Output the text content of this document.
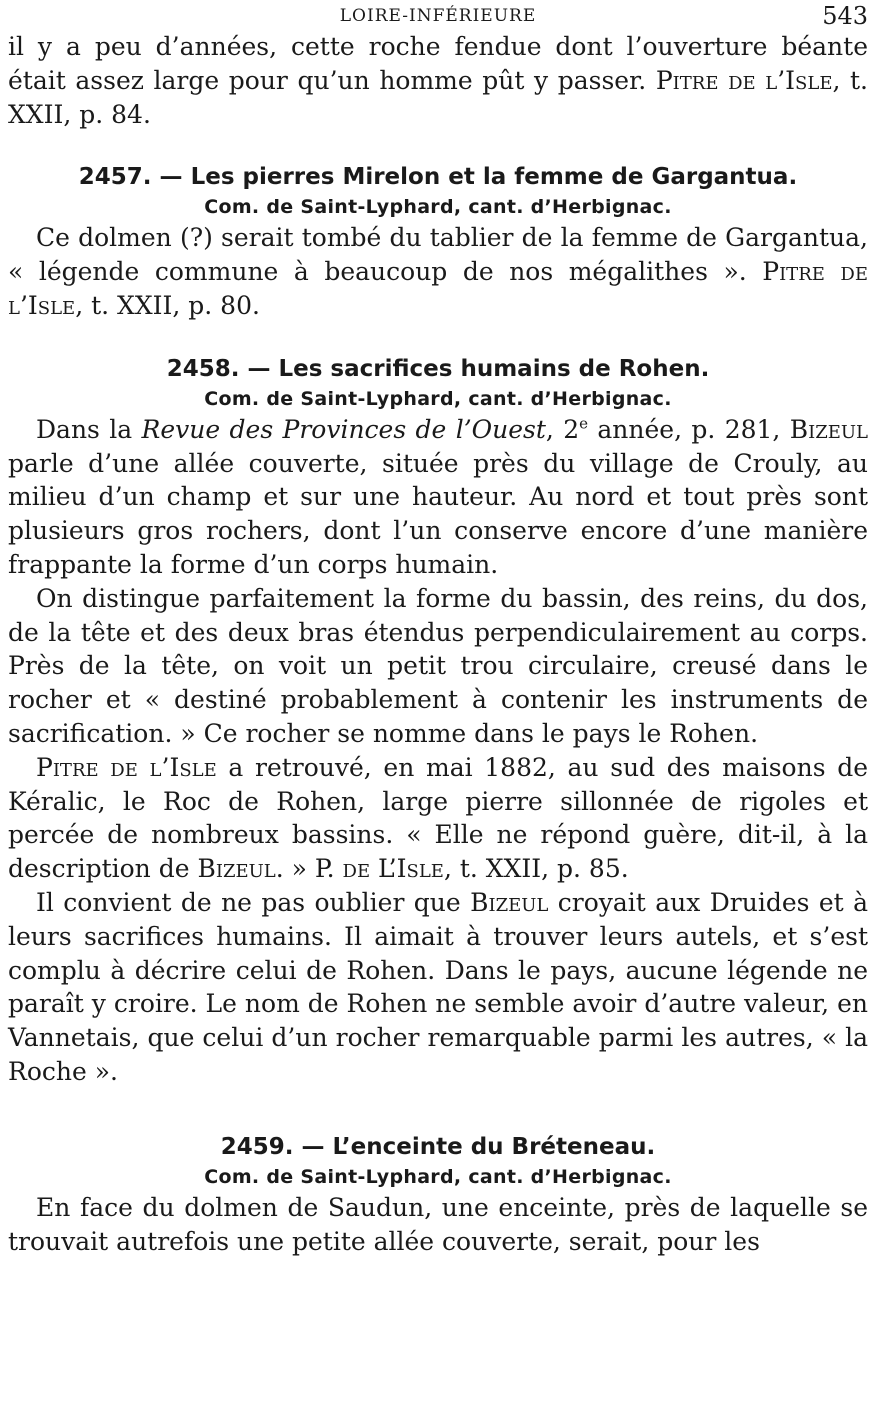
LOIRE-INFÉRIEURE	543

il y a peu d’années, cette roche fendue dont l’ouverture béante était assez large pour qu’un homme pût y passer. Pitre de l’Isle, t. XXII, p. 84.

2457. — Les pierres Mirelon et la femme de Gargantua.

Com. de Saint-Lyphard, cant. d’Herbignac.

Ce dolmen (?) serait tombé du tablier de la femme de Gargantua, « légende commune à beaucoup de nos mégalithes ». Pitre de l’Isle, t. XXII, p. 80.

2458. — Les sacrifices humains de Rohen.

Com. de Saint-Lyphard, cant. d’Herbignac.

Dans la Revue des Provinces de l’Ouest, 2e année, p. 281, Bizeul parle d’une allée couverte, située près du village de Crouly, au milieu d’un champ et sur une hauteur. Au nord et tout près sont plusieurs gros rochers, dont l’un conserve encore d’une manière frappante la forme d’un corps humain.

On distingue parfaitement la forme du bassin, des reins, du dos, de la tête et des deux bras étendus perpendiculairement au corps. Près de la tête, on voit un petit trou circulaire, creusé dans le rocher et « destiné probablement à contenir les instruments de sacrification. » Ce rocher se nomme dans le pays le Rohen.

Pitre de l’Isle a retrouvé, en mai 1882, au sud des maisons de Kéralic, le Roc de Rohen, large pierre sillonnée de rigoles et percée de nombreux bassins. « Elle ne répond guère, dit-il, à la description de Bizeul. » P. de L’Isle, t. XXII, p. 85.

Il convient de ne pas oublier que Bizeul croyait aux Druides et à leurs sacrifices humains. Il aimait à trouver leurs autels, et s’est complu à décrire celui de Rohen. Dans le pays, aucune légende ne paraît y croire. Le nom de Rohen ne semble avoir d’autre valeur, en Vannetais, que celui d’un rocher remarquable parmi les autres, « la Roche ».

2459. — L’enceinte du Bréteneau.

Com. de Saint-Lyphard, cant. d’Herbignac.

En face du dolmen de Saudun, une enceinte, près de laquelle se trouvait autrefois une petite allée couverte, serait, pour les
